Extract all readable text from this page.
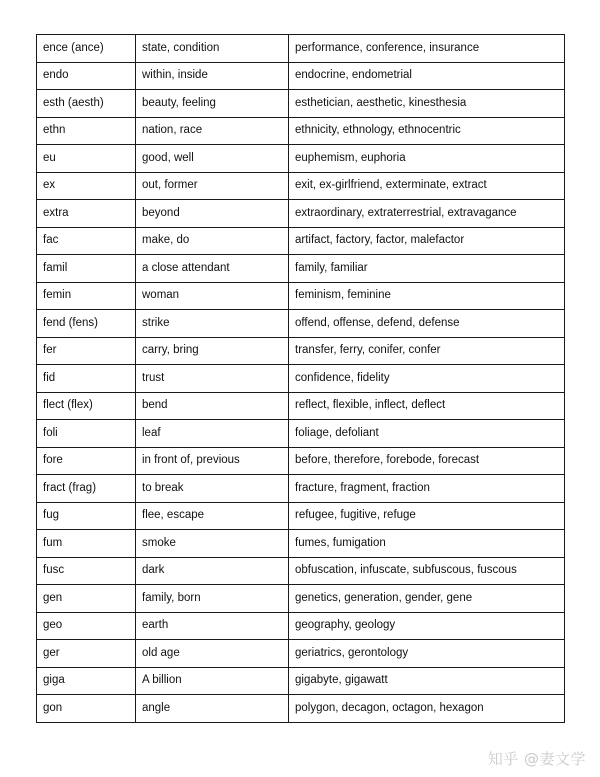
ence (ance)	state, condition	performance, conference, insurance
endo	within, inside	endocrine, endometrial
esth (aesth)	beauty, feeling	esthetician, aesthetic, kinesthesia
ethn	nation, race	ethnicity, ethnology, ethnocentric
eu	good, well	euphemism, euphoria
ex	out, former	exit, ex-girlfriend, exterminate, extract
extra	beyond	extraordinary, extraterrestrial, extravagance
fac	make, do	artifact, factory, factor, malefactor
famil	a close attendant	family, familiar
femin	woman	feminism, feminine
fend (fens)	strike	offend, offense, defend, defense
fer	carry, bring	transfer, ferry, conifer, confer
fid	trust	confidence, fidelity
flect (flex)	bend	reflect, flexible, inflect, deflect
foli	leaf	foliage, defoliant
fore	in front of, previous	before, therefore, forebode, forecast
fract (frag)	to break	fracture, fragment, fraction
fug	flee, escape	refugee, fugitive, refuge
fum	smoke	fumes, fumigation
fusc	dark	obfuscation, infuscate, subfuscous, fuscous
gen	family, born	genetics, generation, gender, gene
geo	earth	geography, geology
ger	old age	geriatrics, gerontology
giga	A billion	gigabyte, gigawatt
gon	angle	polygon, decagon, octagon, hexagon
知乎 @妻文学
